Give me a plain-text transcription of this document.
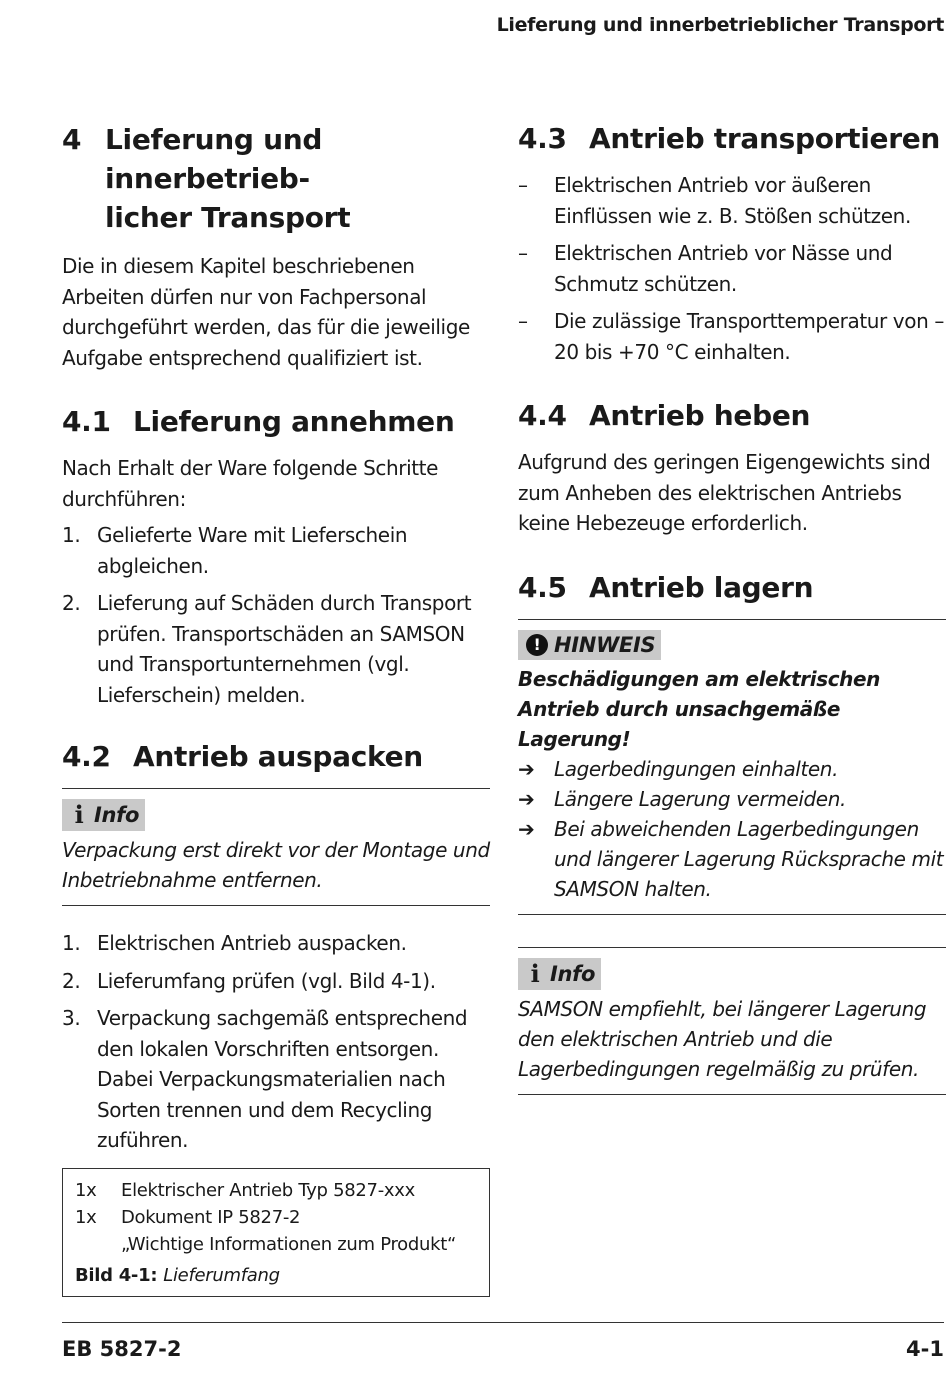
Lieferung und innerbetrieblicher Transport
4 Lieferung und innerbetrieb-
licher Transport

Die in diesem Kapitel beschriebenen Arbeiten dürfen nur von Fachpersonal durchgeführt werden, das für die jeweilige Aufgabe entsprechend qualifiziert ist.

4.1 Lieferung annehmen

Nach Erhalt der Ware folgende Schritte durchführen:

1. Gelieferte Ware mit Lieferschein abgleichen.
2. Lieferung auf Schäden durch Transport prüfen. Transportschäden an SAMSON und Transportunternehmen (vgl. Lieferschein) melden.
4.2 Antrieb auspacken
i Info
Verpackung erst direkt vor der Montage und Inbetriebnahme entfernen.
1. Elektrischen Antrieb auspacken.
2. Lieferumfang prüfen (vgl. Bild 4-1).
3. Verpackung sachgemäß entsprechend den lokalen Vorschriften entsorgen. Dabei Verpackungsmaterialien nach Sorten trennen und dem Recycling zuführen.
1x	Elektrischer Antrieb Typ 5827-xxx
1x	Dokument IP 5827-2
„Wichtige Informationen zum Produkt“
Bild 4-1: Lieferumfang
4.3 Antrieb transportieren
–	Elektrischen Antrieb vor äußeren Einflüssen wie z. B. Stößen schützen.
–	Elektrischen Antrieb vor Nässe und Schmutz schützen.
–	Die zulässige Transporttemperatur von –20 bis +70 °C einhalten.
4.4 Antrieb heben

Aufgrund des geringen Eigengewichts sind zum Anheben des elektrischen Antriebs keine Hebezeuge erforderlich.

4.5 Antrieb lagern
! HINWEIS
Beschädigungen am elektrischen Antrieb durch unsachgemäße Lagerung!
➔ Lagerbedingungen einhalten.
➔ Längere Lagerung vermeiden.
➔ Bei abweichenden Lagerbedingungen und längerer Lagerung Rücksprache mit SAMSON halten.
i Info
SAMSON empfiehlt, bei längerer Lagerung den elektrischen Antrieb und die Lagerbedingungen regelmäßig zu prüfen.
EB 5827-2	4-1
